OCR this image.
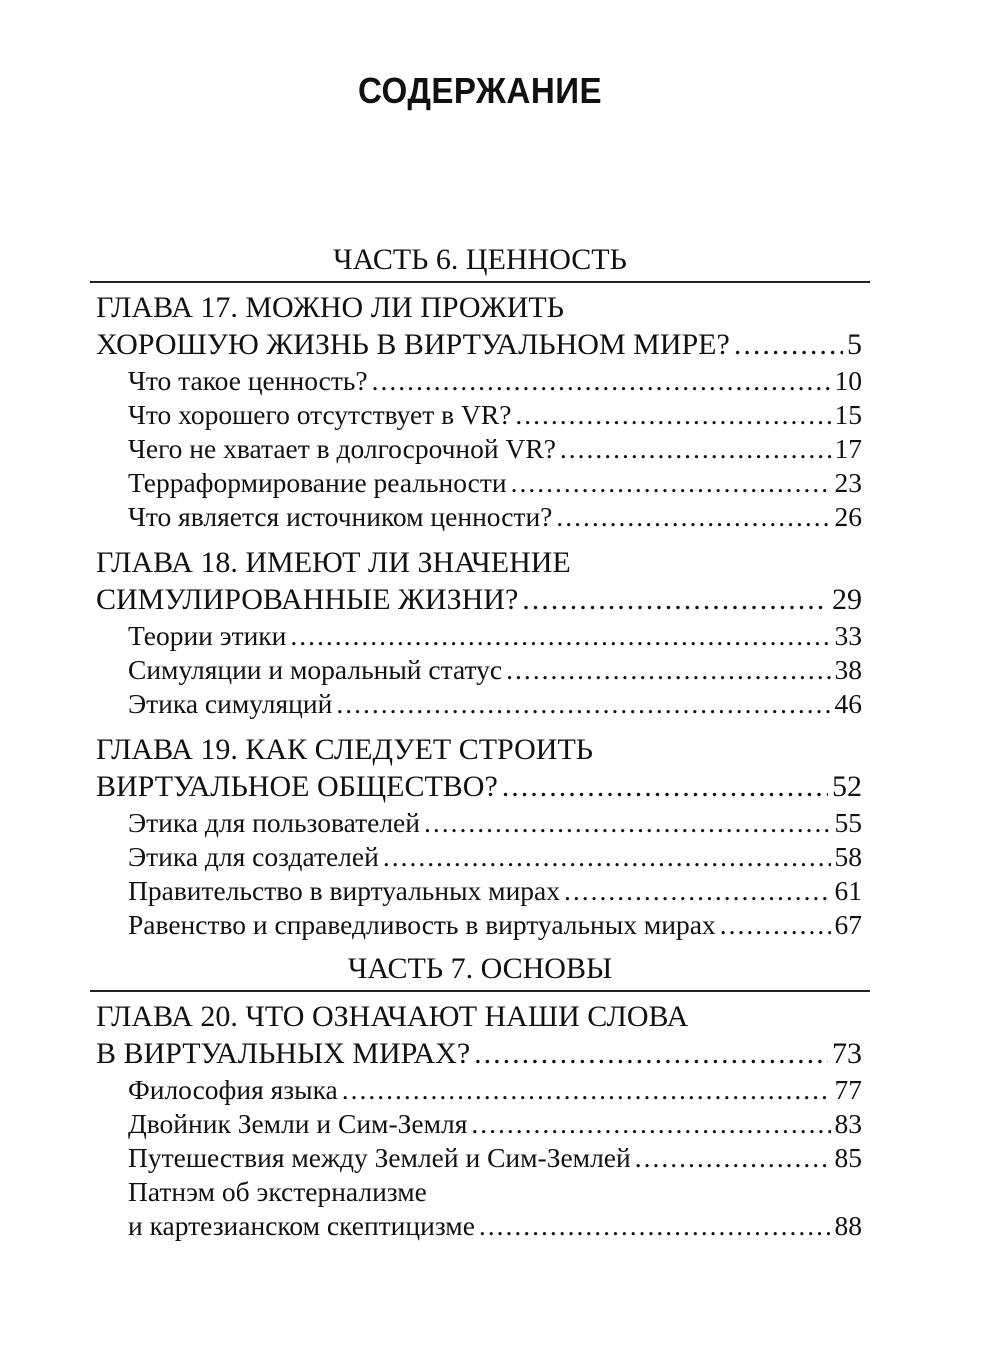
СОДЕРЖАНИЕ
ЧАСТЬ 6. ЦЕННОСТЬ
ГЛАВА 17. МОЖНО ЛИ ПРОЖИТЬ
ХОРОШУЮ ЖИЗНЬ В ВИРТУАЛЬНОМ МИРЕ? .....	5
Что такое ценность? .....	10
Что хорошего отсутствует в VR? .....	15
Чего не хватает в долгосрочной VR? .....	17
Терраформирование реальности .....	23
Что является источником ценности? .....	26
ГЛАВА 18. ИМЕЮТ ЛИ ЗНАЧЕНИЕ
СИМУЛИРОВАННЫЕ ЖИЗНИ? .....	29
Теории этики .....	33
Симуляции и моральный статус .....	38
Этика симуляций .....	46
ГЛАВА 19. КАК СЛЕДУЕТ СТРОИТЬ
ВИРТУАЛЬНОЕ ОБЩЕСТВО? .....	52
Этика для пользователей .....	55
Этика для создателей .....	58
Правительство в виртуальных мирах .....	61
Равенство и справедливость в виртуальных мирах .....	67
ЧАСТЬ 7. ОСНОВЫ
ГЛАВА 20. ЧТО ОЗНАЧАЮТ НАШИ СЛОВА
В ВИРТУАЛЬНЫХ МИРАХ? .....	73
Философия языка .....	77
Двойник Земли и Сим-Земля .....	83
Путешествия между Землей и Сим-Землей .....	85
Патнэм об экстернализме
и картезианском скептицизме .....	88
